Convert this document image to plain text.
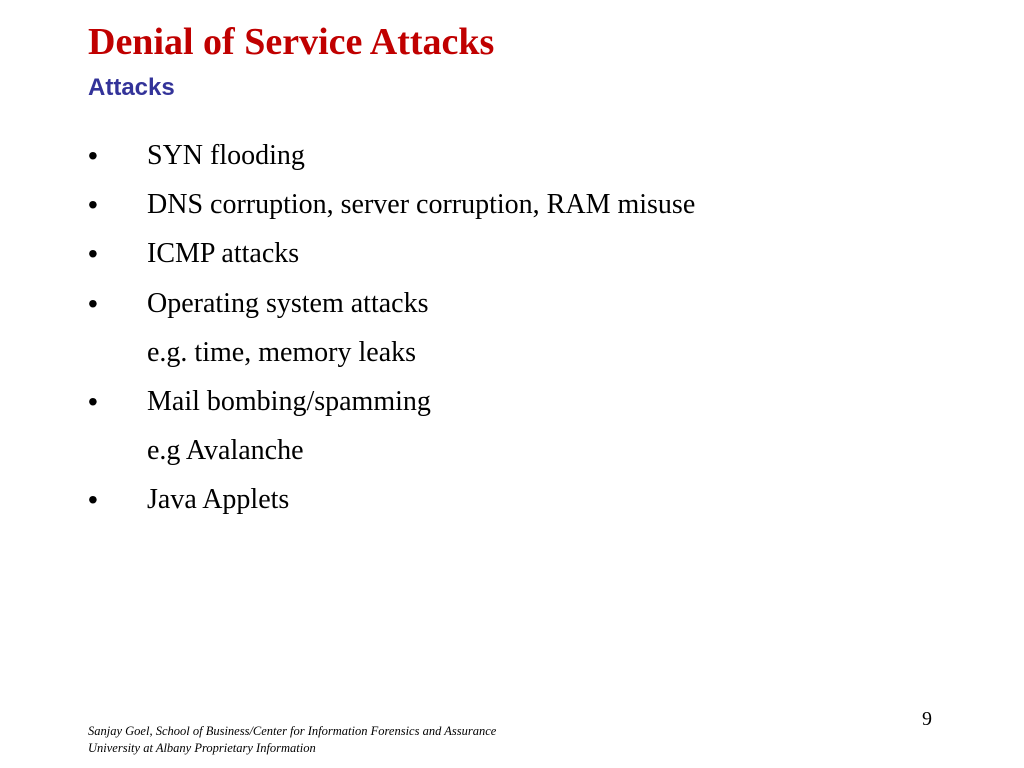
Denial of Service Attacks
Attacks
•	SYN flooding
•	DNS corruption, server corruption, RAM misuse
•	ICMP attacks
•	Operating system attacks
e.g. time, memory leaks
•	Mail bombing/spamming
e.g Avalanche
•	Java Applets
9
Sanjay Goel, School of Business/Center for Information Forensics and Assurance
University at Albany Proprietary Information
